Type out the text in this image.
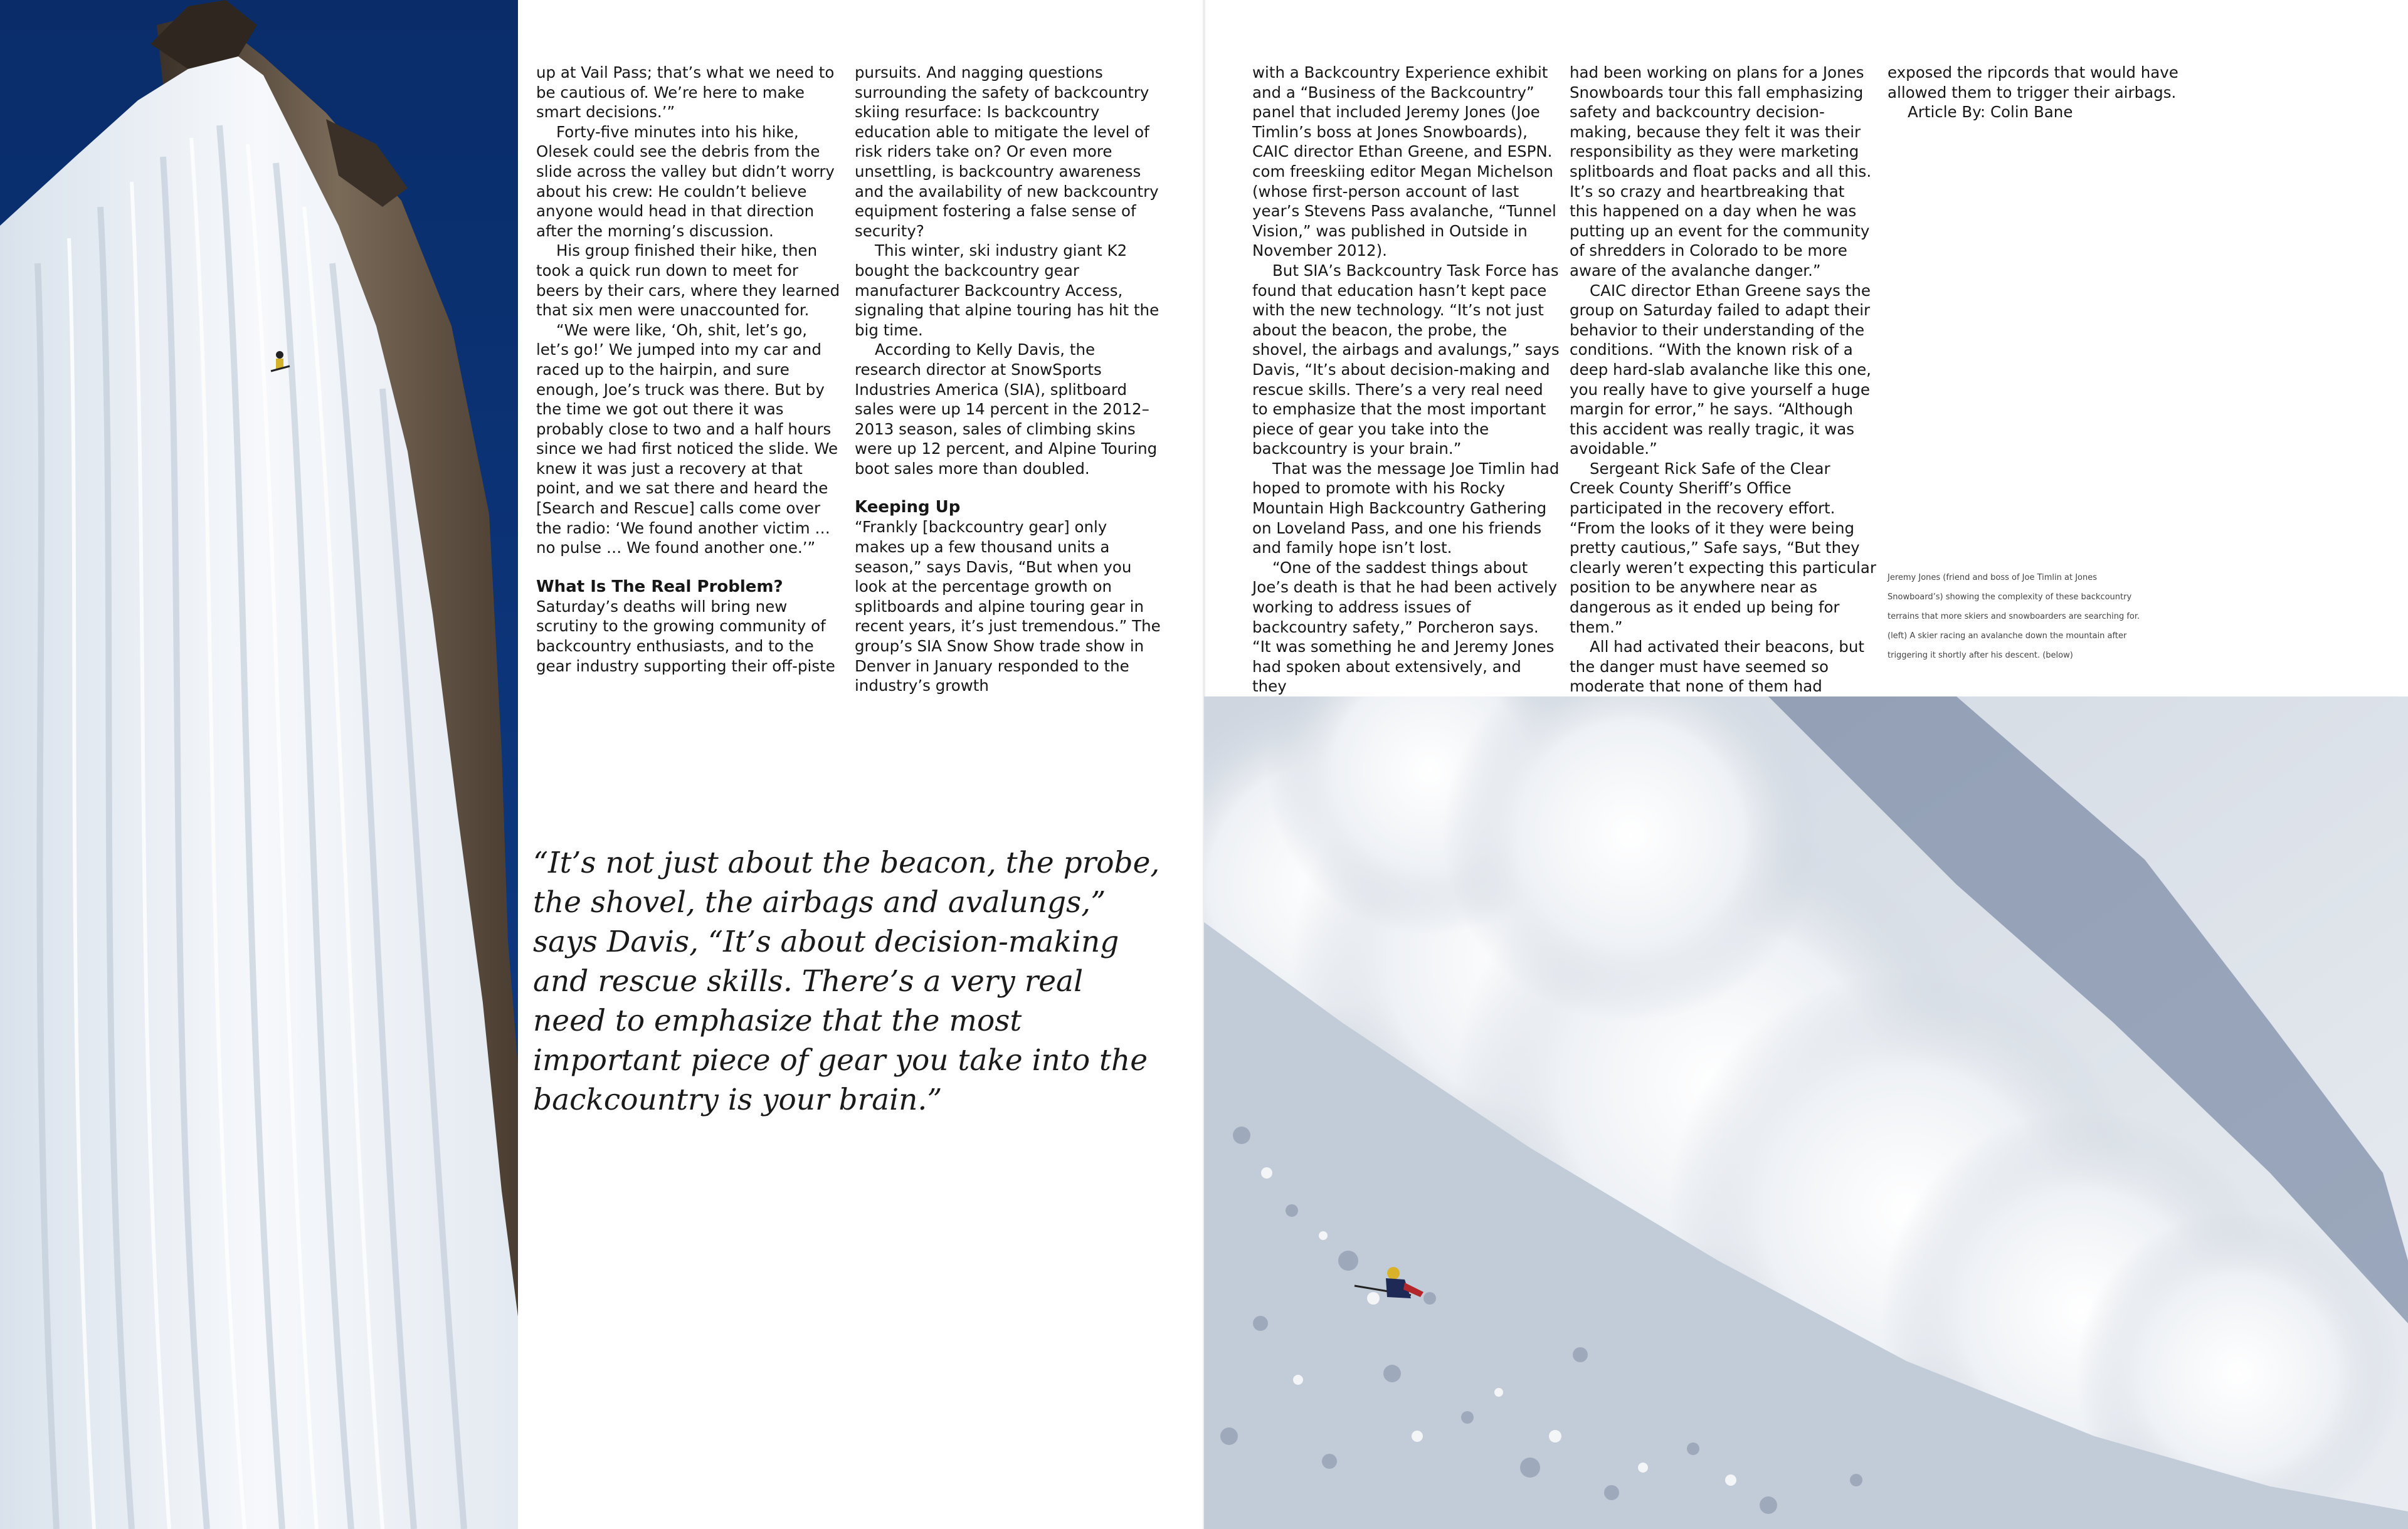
up at Vail Pass; that’s what we need to be cautious of. We’re here to make smart decisions.’”

Forty-five minutes into his hike, Olesek could see the debris from the slide across the valley but didn’t worry about his crew: He couldn’t believe anyone would head in that direction after the morning’s discussion.

His group finished their hike, then took a quick run down to meet for beers by their cars, where they learned that six men were unaccounted for.

“We were like, ‘Oh, shit, let’s go, let’s go!’ We jumped into my car and raced up to the hairpin, and sure enough, Joe’s truck was there. But by the time we got out there it was probably close to two and a half hours since we had first noticed the slide. We knew it was just a recovery at that point, and we sat there and heard the [Search and Rescue] calls come over the radio: ‘We found another victim … no pulse … We found another one.’”

What Is The Real Problem?

Saturday’s deaths will bring new scrutiny to the growing community of backcountry enthusiasts, and to the gear industry supporting their off-piste

pursuits. And nagging questions surrounding the safety of backcountry skiing resurface: Is backcountry education able to mitigate the level of risk riders take on? Or even more unsettling, is backcountry awareness and the availability of new backcountry equipment fostering a false sense of security?

This winter, ski industry giant K2 bought the backcountry gear manufacturer Backcountry Access, signaling that alpine touring has hit the big time.

According to Kelly Davis, the research director at SnowSports Industries America (SIA), splitboard sales were up 14 percent in the 2012–2013 season, sales of climbing skins were up 12 percent, and Alpine Touring boot sales more than doubled.

Keeping Up

“Frankly [backcountry gear] only makes up a few thousand units a season,” says Davis, “But when you look at the percentage growth on splitboards and alpine touring gear in recent years, it’s just tremendous.” The group’s SIA Snow Show trade show in Denver in January responded to the industry’s growth

“It’s not just about the beacon, the probe, the shovel, the airbags and avalungs,” says Davis, “It’s about decision-making and rescue skills. There’s a very real need to emphasize that the most important piece of gear you take into the backcountry is your brain.”

with a Backcountry Experience exhibit and a “Business of the Backcountry” panel that included Jeremy Jones (Joe Timlin’s boss at Jones Snowboards), CAIC director Ethan Greene, and ESPN. com freeskiing editor Megan Michelson (whose first-person account of last year’s Stevens Pass avalanche, “Tunnel Vision,” was published in Outside in November 2012).

But SIA’s Backcountry Task Force has found that education hasn’t kept pace with the new technology. “It’s not just about the beacon, the probe, the shovel, the airbags and avalungs,” says Davis, “It’s about decision-making and rescue skills. There’s a very real need to emphasize that the most important piece of gear you take into the backcountry is your brain.”

That was the message Joe Timlin had hoped to promote with his Rocky Mountain High Backcountry Gathering on Loveland Pass, and one his friends and family hope isn’t lost.

“One of the saddest things about Joe’s death is that he had been actively working to address issues of backcountry safety,” Porcheron says. “It was something he and Jeremy Jones had spoken about extensively, and they

had been working on plans for a Jones Snowboards tour this fall emphasizing safety and backcountry decision-making, because they felt it was their responsibility as they were marketing splitboards and float packs and all this. It’s so crazy and heartbreaking that this happened on a day when he was putting up an event for the community of shredders in Colorado to be more aware of the avalanche danger.”

CAIC director Ethan Greene says the group on Saturday failed to adapt their behavior to their understanding of the conditions. “With the known risk of a deep hard-slab avalanche like this one, you really have to give yourself a huge margin for error,” he says. “Although this accident was really tragic, it was avoidable.”

Sergeant Rick Safe of the Clear Creek County Sheriff’s Office participated in the recovery effort. “From the looks of it they were being pretty cautious,” Safe says, “But they clearly weren’t expecting this particular position to be anywhere near as dangerous as it ended up being for them.”

All had activated their beacons, but the danger must have seemed so moderate that none of them had

exposed the ripcords that would have allowed them to trigger their airbags.

Article By: Colin Bane

Jeremy Jones (friend and boss of Joe Timlin at Jones Snowboard’s) showing the complexity of these backcountry terrains that more skiers and snowboarders are searching for. (left) A skier racing an avalanche down the mountain after triggering it shortly after his descent. (below)
